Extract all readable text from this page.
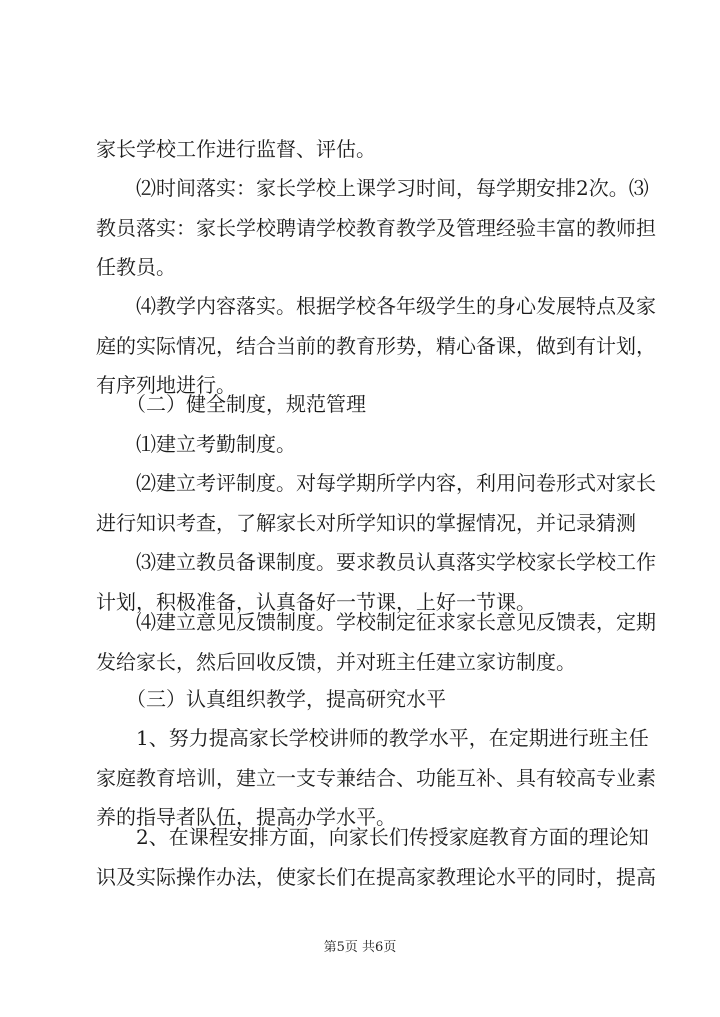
家长学校工作进行监督、评估。

　　⑵时间落实：家长学校上课学习时间，每学期安排2次。⑶
教员落实：家长学校聘请学校教育教学及管理经验丰富的教师担
任教员。

　　⑷教学内容落实。根据学校各年级学生的身心发展特点及家
庭的实际情况，结合当前的教育形势，精心备课，做到有计划，
有序列地进行。

　　（二）健全制度，规范管理

　　⑴建立考勤制度。

　　⑵建立考评制度。对每学期所学内容，利用问卷形式对家长
进行知识考查，了解家长对所学知识的掌握情况，并记录猜测

　　⑶建立教员备课制度。要求教员认真落实学校家长学校工作
计划，积极准备，认真备好一节课，上好一节课。

　　⑷建立意见反馈制度。学校制定征求家长意见反馈表，定期
发给家长，然后回收反馈，并对班主任建立家访制度。

　　（三）认真组织教学，提高研究水平

　　1、努力提高家长学校讲师的教学水平，在定期进行班主任
家庭教育培训，建立一支专兼结合、功能互补、具有较高专业素
养的指导者队伍，提高办学水平。

　　2、在课程安排方面，向家长们传授家庭教育方面的理论知
识及实际操作办法，使家长们在提高家教理论水平的同时，提高

第5页 共6页
